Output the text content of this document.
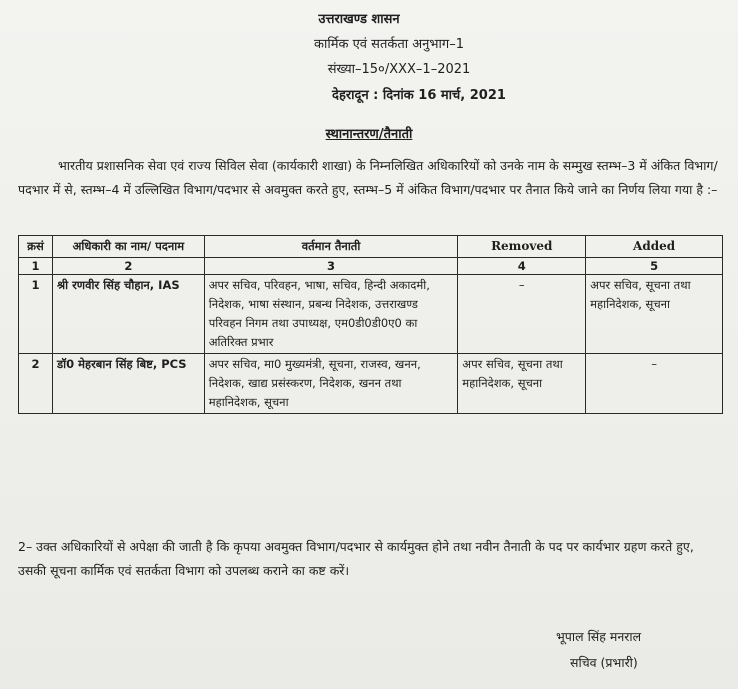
उत्तराखण्ड शासन
कार्मिक एवं सतर्कता अनुभाग–1
संख्या–15०/XXX–1–2021
देहरादून : दिनांक 16 मार्च, 2021
स्थानान्तरण/तैनाती
भारतीय प्रशासनिक सेवा एवं राज्य सिविल सेवा (कार्यकारी शाखा) के निम्नलिखित अधिकारियों को उनके नाम के सम्मुख स्तम्भ–3 में अंकित विभाग/पदभार में से, स्तम्भ–4 में उल्लिखित विभाग/पदभार से अवमुक्त करते हुए, स्तम्भ–5 में अंकित विभाग/पदभार पर तैनात किये जाने का निर्णय लिया गया है :–
क्रसं	अधिकारी का नाम/ पदनाम	वर्तमान तैनाती	Removed	Added
1	2	3	4	5
1	श्री रणवीर सिंह चौहान, IAS	अपर सचिव, परिवहन, भाषा, सचिव, हिन्दी अकादमी, निदेशक, भाषा संस्थान, प्रबन्ध निदेशक, उत्तराखण्ड परिवहन निगम तथा उपाध्यक्ष, एम0डी0डी0ए0 का अतिरिक्त प्रभार	–	अपर सचिव, सूचना तथा महानिदेशक, सूचना
2	डॉ0 मेहरबान सिंह बिष्ट, PCS	अपर सचिव, मा0 मुख्यमंत्री, सूचना, राजस्व, खनन, निदेशक, खाद्य प्रसंस्करण, निदेशक, खनन तथा महानिदेशक, सूचना	अपर सचिव, सूचना तथा महानिदेशक, सूचना	–
2– उक्त अधिकारियों से अपेक्षा की जाती है कि कृपया अवमुक्त विभाग/पदभार से कार्यमुक्त होने तथा नवीन तैनाती के पद पर कार्यभार ग्रहण करते हुए, उसकी सूचना कार्मिक एवं सतर्कता विभाग को उपलब्ध कराने का कष्ट करें।
भूपाल सिंह मनराल
सचिव (प्रभारी)
